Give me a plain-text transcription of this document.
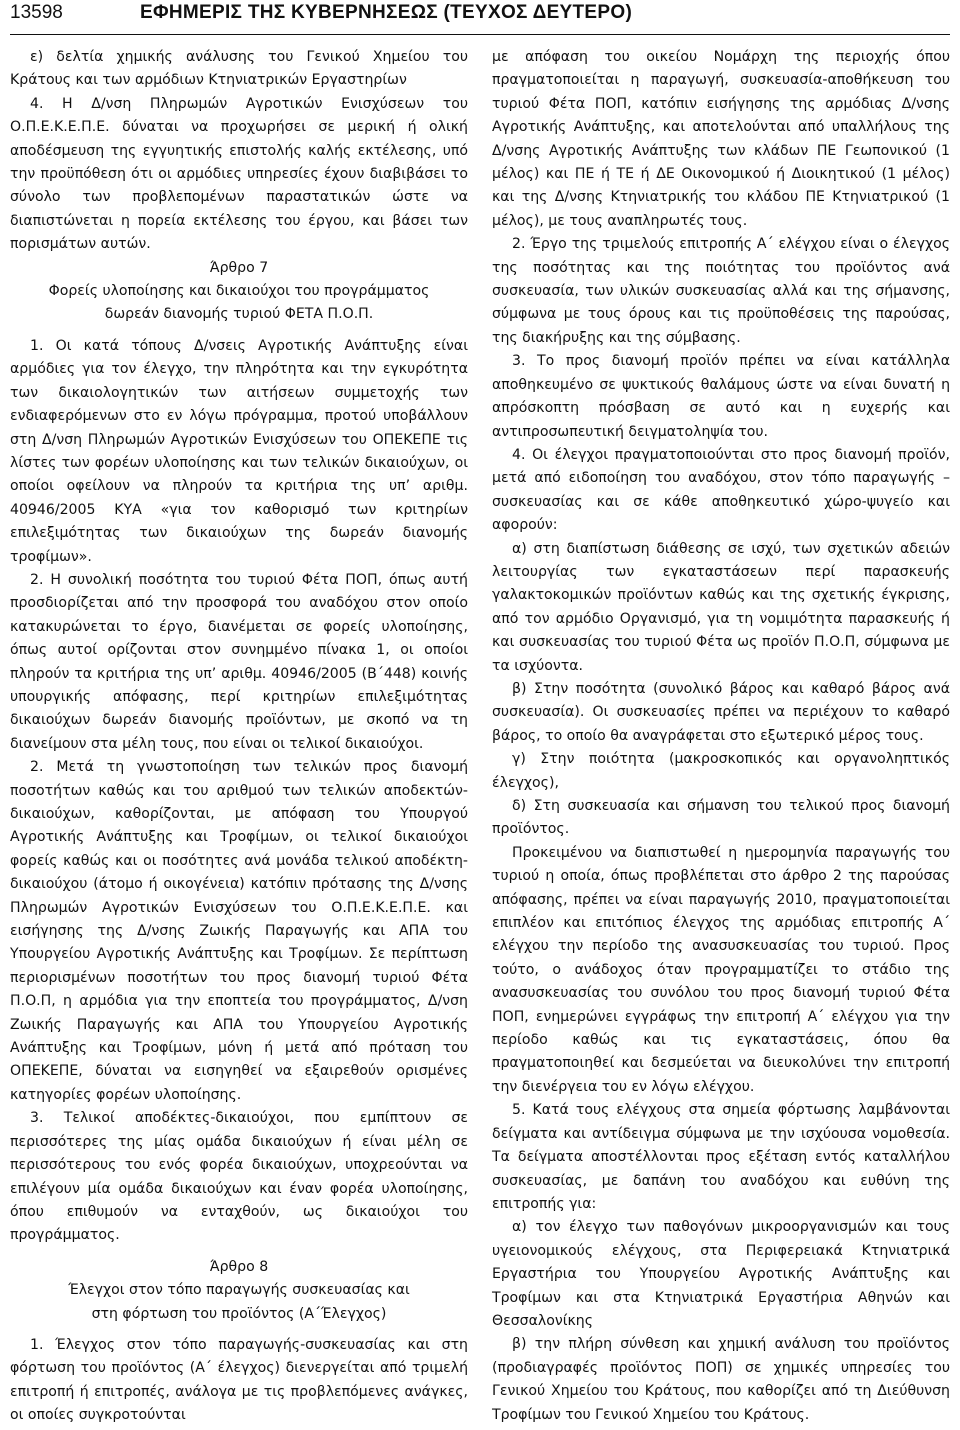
13598	ΕΦΗΜΕΡΙΣ ΤΗΣ ΚΥΒΕΡΝΗΣΕΩΣ (ΤΕΥΧΟΣ ΔΕΥΤΕΡΟ)

ε) δελτία χημικής ανάλυσης του Γενικού Χημείου του Κράτους και των αρμόδιων Κτηνιατρικών Εργαστηρίων

4. Η Δ/νση Πληρωμών Αγροτικών Ενισχύσεων του Ο.Π.Ε.Κ.Ε.Π.Ε. δύναται να προχωρήσει σε μερική ή ολική αποδέσμευση της εγγυητικής επιστολής καλής εκτέλεσης, υπό την προϋπόθεση ότι οι αρμόδιες υπηρεσίες έχουν διαβιβάσει το σύνολο των προβλεπομένων παραστατικών ώστε να διαπιστώνεται η πορεία εκτέλεσης του έργου, και βάσει των πορισμάτων αυτών.

Άρθρο 7

Φορείς υλοποίησης και δικαιούχοι του προγράμματος

δωρεάν διανομής τυριού ΦΕΤΑ Π.Ο.Π.

1. Οι κατά τόπους Δ/νσεις Αγροτικής Ανάπτυξης είναι αρμόδιες για τον έλεγχο, την πληρότητα και την εγκυρότητα των δικαιολογητικών των αιτήσεων συμμετοχής των ενδιαφερόμενων στο εν λόγω πρόγραμμα, προτού υποβάλλουν στη Δ/νση Πληρωμών Αγροτικών Ενισχύσεων του ΟΠΕΚΕΠΕ τις λίστες των φορέων υλοποίησης και των τελικών δικαιούχων, οι οποίοι οφείλουν να πληρούν τα κριτήρια της υπ’ αριθμ. 40946/2005 ΚΥΑ «για τον καθορισμό των κριτηρίων επιλεξιμότητας των δικαιούχων της δωρεάν διανομής τροφίμων».

2. Η συνολική ποσότητα του τυριού Φέτα ΠΟΠ, όπως αυτή προσδιορίζεται από την προσφορά του αναδόχου στον οποίο κατακυρώνεται το έργο, διανέμεται σε φορείς υλοποίησης, όπως αυτοί ορίζονται στον συνημμένο πίνακα 1, οι οποίοι πληρούν τα κριτήρια της υπ’ αριθμ. 40946/2005 (Β΄448) κοινής υπουργικής απόφασης, περί κριτηρίων επιλεξιμότητας δικαιούχων δωρεάν διανομής προϊόντων, με σκοπό να τη διανείμουν στα μέλη τους, που είναι οι τελικοί δικαιούχοι.

2. Μετά τη γνωστοποίηση των τελικών προς διανομή ποσοτήτων καθώς και του αριθμού των τελικών αποδεκτών-δικαιούχων, καθορίζονται, με απόφαση του Υπουργού Αγροτικής Ανάπτυξης και Τροφίμων, οι τελικοί δικαιούχοι φορείς καθώς και οι ποσότητες ανά μονάδα τελικού αποδέκτη-δικαιούχου (άτομο ή οικογένεια) κατόπιν πρότασης της Δ/νσης Πληρωμών Αγροτικών Ενισχύσεων του Ο.Π.Ε.Κ.Ε.Π.Ε. και εισήγησης της Δ/νσης Ζωικής Παραγωγής και ΑΠΑ του Υπουργείου Αγροτικής Ανάπτυξης και Τροφίμων. Σε περίπτωση περιορισμένων ποσοτήτων του προς διανομή τυριού Φέτα Π.Ο.Π, η αρμόδια για την εποπτεία του προγράμματος, Δ/νση Ζωικής Παραγωγής και ΑΠΑ του Υπουργείου Αγροτικής Ανάπτυξης και Τροφίμων, μόνη ή μετά από πρόταση του ΟΠΕΚΕΠΕ, δύναται να εισηγηθεί να εξαιρεθούν ορισμένες κατηγορίες φορέων υλοποίησης.

3. Τελικοί αποδέκτες-δικαιούχοι, που εμπίπτουν σε περισσότερες της μίας ομάδα δικαιούχων ή είναι μέλη σε περισσότερους του ενός φορέα δικαιούχων, υποχρεούνται να επιλέγουν μία ομάδα δικαιούχων και έναν φορέα υλοποίησης, όπου επιθυμούν να ενταχθούν, ως δικαιούχοι του προγράμματος.

Άρθρο 8

Έλεγχοι στον τόπο παραγωγής συσκευασίας και

στη φόρτωση του προϊόντος (Α΄Έλεγχος)

1. Έλεγχος στον τόπο παραγωγής-συσκευασίας και στη φόρτωση του προϊόντος (Α΄ έλεγχος) διενεργείται από τριμελή επιτροπή ή επιτροπές, ανάλογα με τις προβλεπόμενες ανάγκες, οι οποίες συγκροτούνται

με απόφαση του οικείου Νομάρχη της περιοχής όπου πραγματοποιείται η παραγωγή, συσκευασία-αποθήκευση του τυριού Φέτα ΠΟΠ, κατόπιν εισήγησης της αρμόδιας Δ/νσης Αγροτικής Ανάπτυξης, και αποτελούνται από υπαλλήλους της Δ/νσης Αγροτικής Ανάπτυξης των κλάδων ΠΕ Γεωπονικού (1 μέλος) και ΠΕ ή ΤΕ ή ΔΕ Οικονομικού ή Διοικητικού (1 μέλος) και της Δ/νσης Κτηνιατρικής του κλάδου ΠΕ Κτηνιατρικού (1 μέλος), με τους αναπληρωτές τους.

2. Έργο της τριμελούς επιτροπής Α΄ ελέγχου είναι ο έλεγχος της ποσότητας και της ποιότητας του προϊόντος ανά συσκευασία, των υλικών συσκευασίας αλλά και της σήμανσης, σύμφωνα με τους όρους και τις προϋποθέσεις της παρούσας, της διακήρυξης και της σύμβασης.

3. Το προς διανομή προϊόν πρέπει να είναι κατάλληλα αποθηκευμένο σε ψυκτικούς θαλάμους ώστε να είναι δυνατή η απρόσκοπτη πρόσβαση σε αυτό και η ευχερής και αντιπροσωπευτική δειγματοληψία του.

4. Οι έλεγχοι πραγματοποιούνται στο προς διανομή προϊόν, μετά από ειδοποίηση του αναδόχου, στον τόπο παραγωγής – συσκευασίας και σε κάθε αποθηκευτικό χώρο-ψυγείο και αφορούν:

α) στη διαπίστωση διάθεσης σε ισχύ, των σχετικών αδειών λειτουργίας των εγκαταστάσεων περί παρασκευής γαλακτοκομικών προϊόντων καθώς και της σχετικής έγκρισης, από τον αρμόδιο Οργανισμό, για τη νομιμότητα παρασκευής ή και συσκευασίας του τυριού Φέτα ως προϊόν Π.Ο.Π, σύμφωνα με τα ισχύοντα.

β) Στην ποσότητα (συνολικό βάρος και καθαρό βάρος ανά συσκευασία). Οι συσκευασίες πρέπει να περιέχουν το καθαρό βάρος, το οποίο θα αναγράφεται στο εξωτερικό μέρος τους.

γ) Στην ποιότητα (μακροσκοπικός και οργανοληπτικός έλεγχος),

δ) Στη συσκευασία και σήμανση του τελικού προς διανομή προϊόντος.

Προκειμένου να διαπιστωθεί η ημερομηνία παραγωγής του τυριού η οποία, όπως προβλέπεται στο άρθρο 2 της παρούσας απόφασης, πρέπει να είναι παραγωγής 2010, πραγματοποιείται επιπλέον και επιτόπιος έλεγχος της αρμόδιας επιτροπής Α΄ ελέγχου την περίοδο της ανασυσκευασίας του τυριού. Προς τούτο, ο ανάδοχος όταν προγραμματίζει το στάδιο της ανασυσκευασίας του συνόλου του προς διανομή τυριού Φέτα ΠΟΠ, ενημερώνει εγγράφως την επιτροπή Α΄ ελέγχου για την περίοδο καθώς και τις εγκαταστάσεις, όπου θα πραγματοποιηθεί και δεσμεύεται να διευκολύνει την επιτροπή την διενέργεια του εν λόγω ελέγχου.

5. Κατά τους ελέγχους στα σημεία φόρτωσης λαμβάνονται δείγματα και αντίδειγμα σύμφωνα με την ισχύουσα νομοθεσία. Τα δείγματα αποστέλλονται προς εξέταση εντός καταλλήλου συσκευασίας, με δαπάνη του αναδόχου και ευθύνη της επιτροπής για:

α) τον έλεγχο των παθογόνων μικροοργανισμών και τους υγειονομικούς ελέγχους, στα Περιφερειακά Κτηνιατρικά Εργαστήρια του Υπουργείου Αγροτικής Ανάπτυξης και Τροφίμων και στα Κτηνιατρικά Εργαστήρια Αθηνών και Θεσσαλονίκης

β) την πλήρη σύνθεση και χημική ανάλυση του προϊόντος (προδιαγραφές προϊόντος ΠΟΠ) σε χημικές υπηρεσίες του Γενικού Χημείου του Κράτους, που καθορίζει από τη Διεύθυνση Τροφίμων του Γενικού Χημείου του Κράτους.
